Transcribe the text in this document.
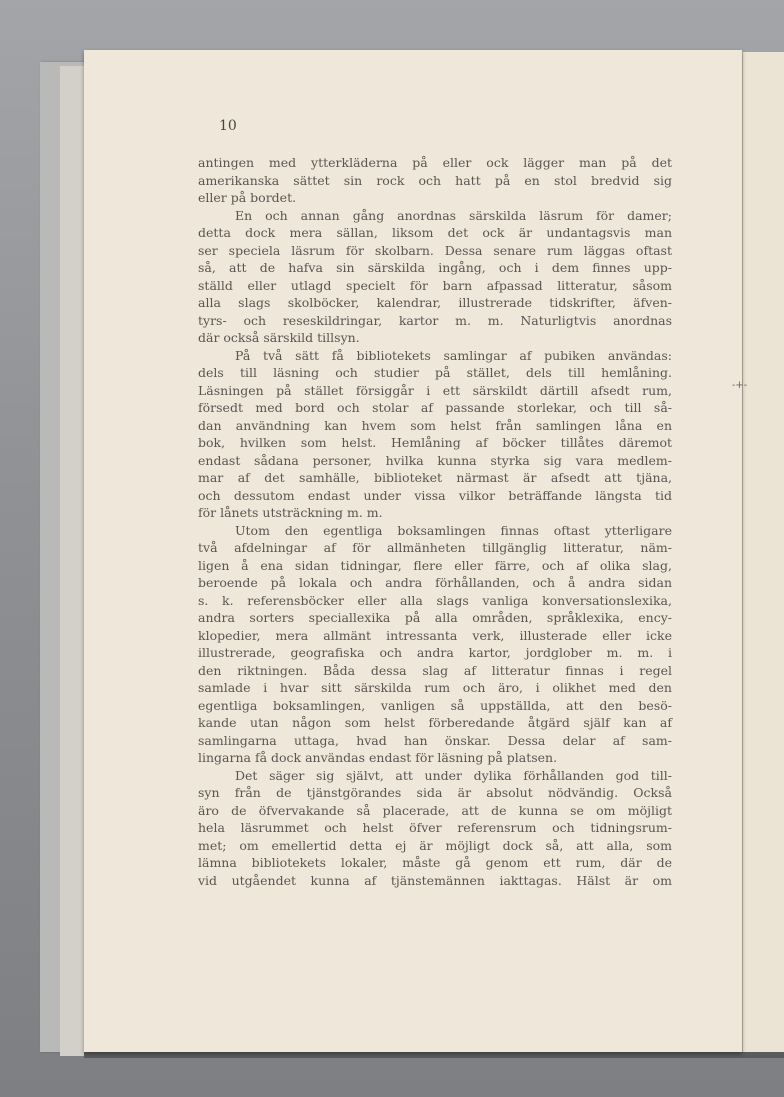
10
antingen med ytterkläderna på eller ock lägger man på det
amerikanska sättet sin rock och hatt på en stol bredvid sig
eller på bordet.
En och annan gång anordnas särskilda läsrum för damer;
detta dock mera sällan, liksom det ock är undantagsvis man
ser speciela läsrum för skolbarn. Dessa senare rum läggas oftast
så, att de hafva sin särskilda ingång, och i dem finnes upp-
ställd eller utlagd specielt för barn afpassad litteratur, såsom
alla slags skolböcker, kalendrar, illustrerade tidskrifter, äfven-
tyrs- och reseskildringar, kartor m. m. Naturligtvis anordnas
där också särskild tillsyn.
På två sätt få bibliotekets samlingar af pubiken användas:
dels till läsning och studier på stället, dels till hemlåning.
Läsningen på stället försiggår i ett särskildt därtill afsedt rum,
försedt med bord och stolar af passande storlekar, och till så-
dan användning kan hvem som helst från samlingen låna en
bok, hvilken som helst. Hemlåning af böcker tillåtes däremot
endast sådana personer, hvilka kunna styrka sig vara medlem-
mar af det samhälle, biblioteket närmast är afsedt att tjäna,
och dessutom endast under vissa vilkor beträffande längsta tid
för lånets utsträckning m. m.
Utom den egentliga boksamlingen finnas oftast ytterligare
två afdelningar af för allmänheten tillgänglig litteratur, näm-
ligen å ena sidan tidningar, flere eller färre, och af olika slag,
beroende på lokala och andra förhållanden, och å andra sidan
s. k. referensböcker eller alla slags vanliga konversationslexika,
andra sorters speciallexika på alla områden, språklexika, ency-
klopedier, mera allmänt intressanta verk, illusterade eller icke
illustrerade, geografiska och andra kartor, jordglober m. m. i
den riktningen. Båda dessa slag af litteratur finnas i regel
samlade i hvar sitt särskilda rum och äro, i olikhet med den
egentliga boksamlingen, vanligen så uppställda, att den besö-
kande utan någon som helst förberedande åtgärd själf kan af
samlingarna uttaga, hvad han önskar. Dessa delar af sam-
lingarna få dock användas endast för läsning på platsen.
Det säger sig självt, att under dylika förhållanden god till-
syn från de tjänstgörandes sida är absolut nödvändig. Också
äro de öfvervakande så placerade, att de kunna se om möjligt
hela läsrummet och helst öfver referensrum och tidningsrum-
met; om emellertid detta ej är möjligt dock så, att alla, som
lämna bibliotekets lokaler, måste gå genom ett rum, där de
vid utgåendet kunna af tjänstemännen iakttagas. Hälst är om
-+-
